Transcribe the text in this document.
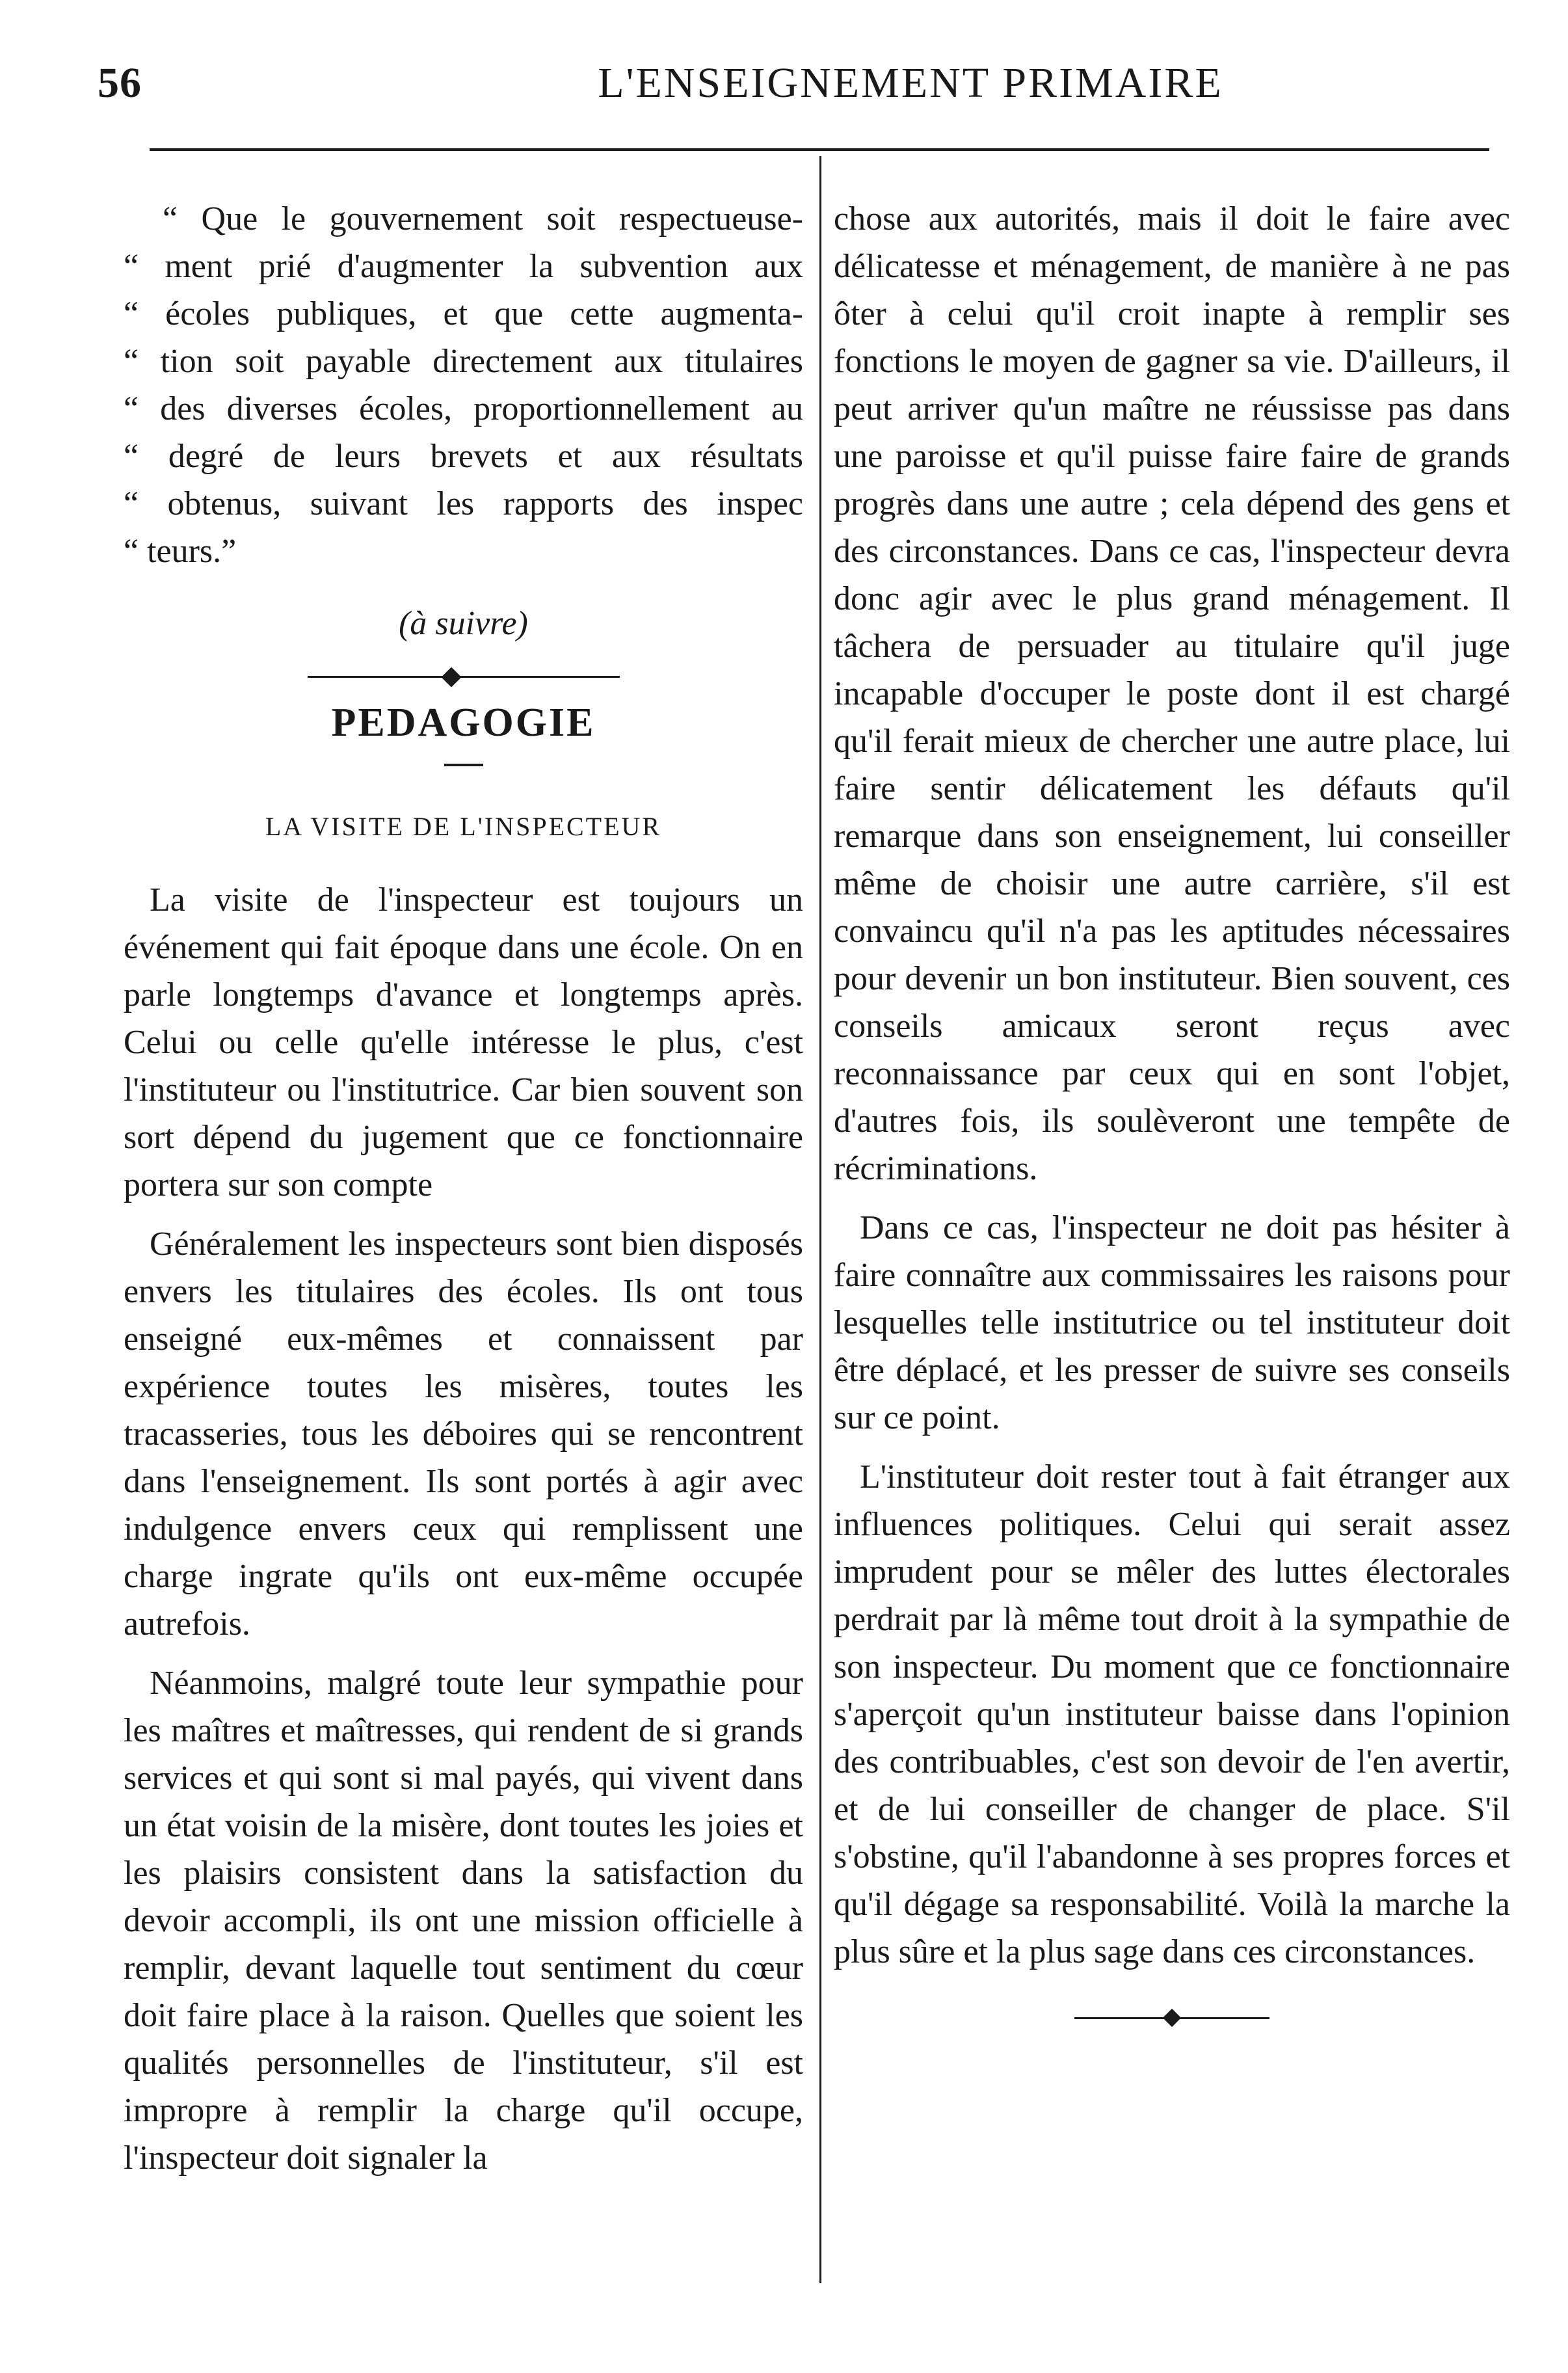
56	L'ENSEIGNEMENT PRIMAIRE

“ Que le gouvernement soit respectueuse-

“ ment prié d'augmenter la subvention aux

“ écoles publiques, et que cette augmenta-

“ tion soit payable directement aux titulaires

“ des diverses écoles, proportionnellement au

“ degré de leurs brevets et aux résultats

“ obtenus, suivant les rapports des inspec

“ teurs.”

(à suivre)
PEDAGOGIE
LA VISITE DE L'INSPECTEUR

La visite de l'inspecteur est toujours un événement qui fait époque dans une école. On en parle longtemps d'avance et longtemps après. Celui ou celle qu'elle intéresse le plus, c'est l'instituteur ou l'institutrice. Car bien souvent son sort dépend du jugement que ce fonctionnaire portera sur son compte

Généralement les inspecteurs sont bien disposés envers les titulaires des écoles. Ils ont tous enseigné eux-mêmes et connaissent par expérience toutes les misères, toutes les tracasseries, tous les déboires qui se rencontrent dans l'enseignement. Ils sont portés à agir avec indulgence envers ceux qui remplissent une charge ingrate qu'ils ont eux-même occupée autrefois.

Néanmoins, malgré toute leur sympathie pour les maîtres et maîtresses, qui rendent de si grands services et qui sont si mal payés, qui vivent dans un état voisin de la misère, dont toutes les joies et les plaisirs consistent dans la satisfaction du devoir accompli, ils ont une mission officielle à remplir, devant laquelle tout sentiment du cœur doit faire place à la raison. Quelles que soient les qualités personnelles de l'instituteur, s'il est impropre à remplir la charge qu'il occupe, l'inspecteur doit signaler la

chose aux autorités, mais il doit le faire avec délicatesse et ménagement, de manière à ne pas ôter à celui qu'il croit inapte à remplir ses fonctions le moyen de gagner sa vie. D'ailleurs, il peut arriver qu'un maître ne réussisse pas dans une paroisse et qu'il puisse faire faire de grands progrès dans une autre ; cela dépend des gens et des circonstances. Dans ce cas, l'inspecteur devra donc agir avec le plus grand ménagement. Il tâchera de persuader au titulaire qu'il juge incapable d'occuper le poste dont il est chargé qu'il ferait mieux de chercher une autre place, lui faire sentir délicatement les défauts qu'il remarque dans son enseignement, lui conseiller même de choisir une autre carrière, s'il est convaincu qu'il n'a pas les aptitudes nécessaires pour devenir un bon instituteur. Bien souvent, ces conseils amicaux seront reçus avec reconnaissance par ceux qui en sont l'objet, d'autres fois, ils soulèveront une tempête de récriminations.

Dans ce cas, l'inspecteur ne doit pas hésiter à faire connaître aux commissaires les raisons pour lesquelles telle institutrice ou tel instituteur doit être déplacé, et les presser de suivre ses conseils sur ce point.

L'instituteur doit rester tout à fait étranger aux influences politiques. Celui qui serait assez imprudent pour se mêler des luttes électorales perdrait par là même tout droit à la sympathie de son inspecteur. Du moment que ce fonctionnaire s'aperçoit qu'un instituteur baisse dans l'opinion des contribuables, c'est son devoir de l'en avertir, et de lui conseiller de changer de place. S'il s'obstine, qu'il l'abandonne à ses propres forces et qu'il dégage sa responsabilité. Voilà la marche la plus sûre et la plus sage dans ces circonstances.
